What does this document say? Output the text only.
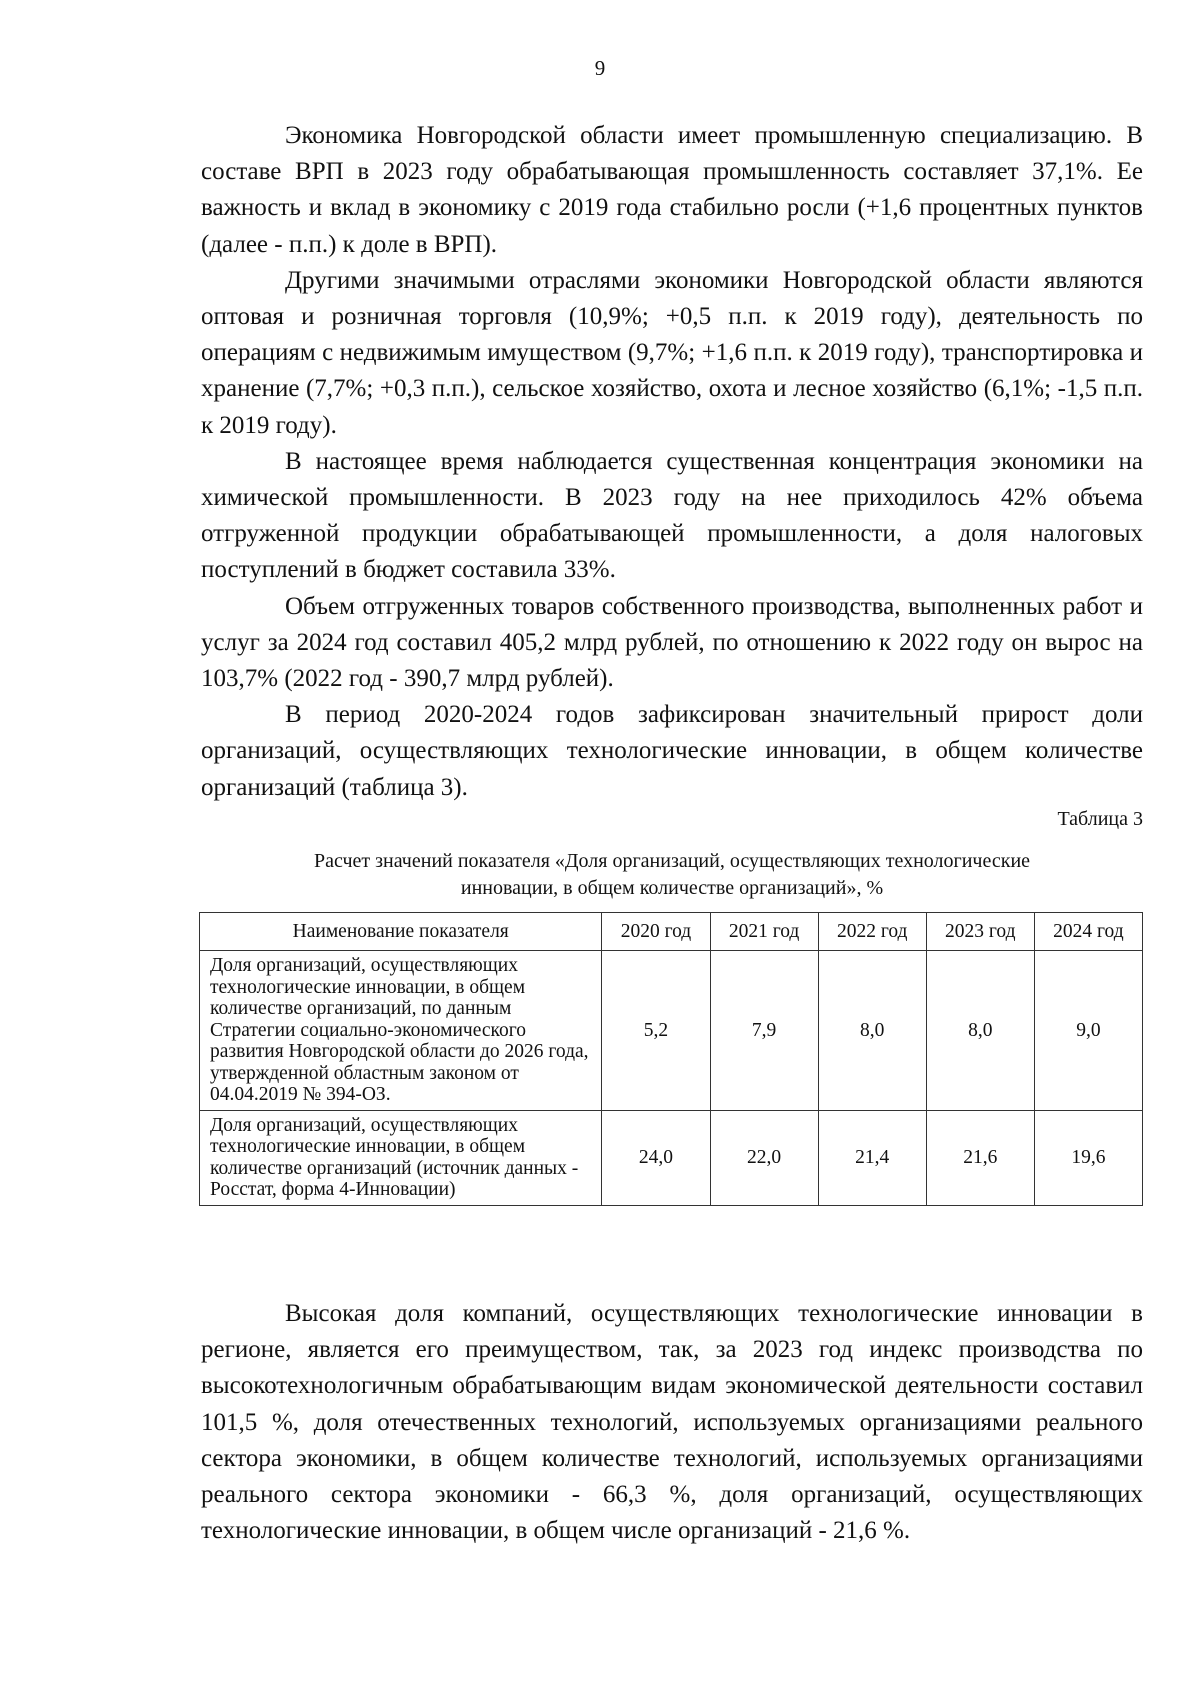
9

Экономика Новгородской области имеет промышленную специализацию. В составе ВРП в 2023 году обрабатывающая промышленность составляет 37,1%. Ее важность и вклад в экономику с 2019 года стабильно росли (+1,6 процентных пунктов (далее - п.п.) к доле в ВРП).

Другими значимыми отраслями экономики Новгородской области являются оптовая и розничная торговля (10,9%; +0,5 п.п. к 2019 году), деятельность по операциям с недвижимым имуществом (9,7%; +1,6 п.п. к 2019 году), транспортировка и хранение (7,7%; +0,3 п.п.), сельское хозяйство, охота и лесное хозяйство (6,1%; -1,5 п.п. к 2019 году).

В настоящее время наблюдается существенная концентрация экономики на химической промышленности. В 2023 году на нее приходилось 42% объема отгруженной продукции обрабатывающей промышленности, а доля налоговых поступлений в бюджет составила 33%.

Объем отгруженных товаров собственного производства, выполненных работ и услуг за 2024 год составил 405,2 млрд рублей, по отношению к 2022 году он вырос на 103,7% (2022 год - 390,7 млрд рублей).

В период 2020-2024 годов зафиксирован значительный прирост доли организаций, осуществляющих технологические инновации, в общем количестве организаций (таблица 3).

Таблица 3
Расчет значений показателя «Доля организаций, осуществляющих технологические
инновации, в общем количестве организаций», %
Наименование показателя	2020 год	2021 год	2022 год	2023 год	2024 год
Доля организаций, осуществляющих технологические инновации, в общем количестве организаций, по данным Стратегии социально-экономического развития Новгородской области до 2026 года, утвержденной областным законом от 04.04.2019 № 394-ОЗ.	5,2	7,9	8,0	8,0	9,0
Доля организаций, осуществляющих технологические инновации, в общем количестве организаций (источник данных - Росстат, форма 4-Инновации)	24,0	22,0	21,4	21,6	19,6

Высокая доля компаний, осуществляющих технологические инновации в регионе, является его преимуществом, так, за 2023 год индекс производства по высокотехнологичным обрабатывающим видам экономической деятельности составил 101,5 %, доля отечественных технологий, используемых организациями реального сектора экономики, в общем количестве технологий, используемых организациями реального сектора экономики - 66,3 %, доля организаций, осуществляющих технологические инновации, в общем числе организаций - 21,6 %.
